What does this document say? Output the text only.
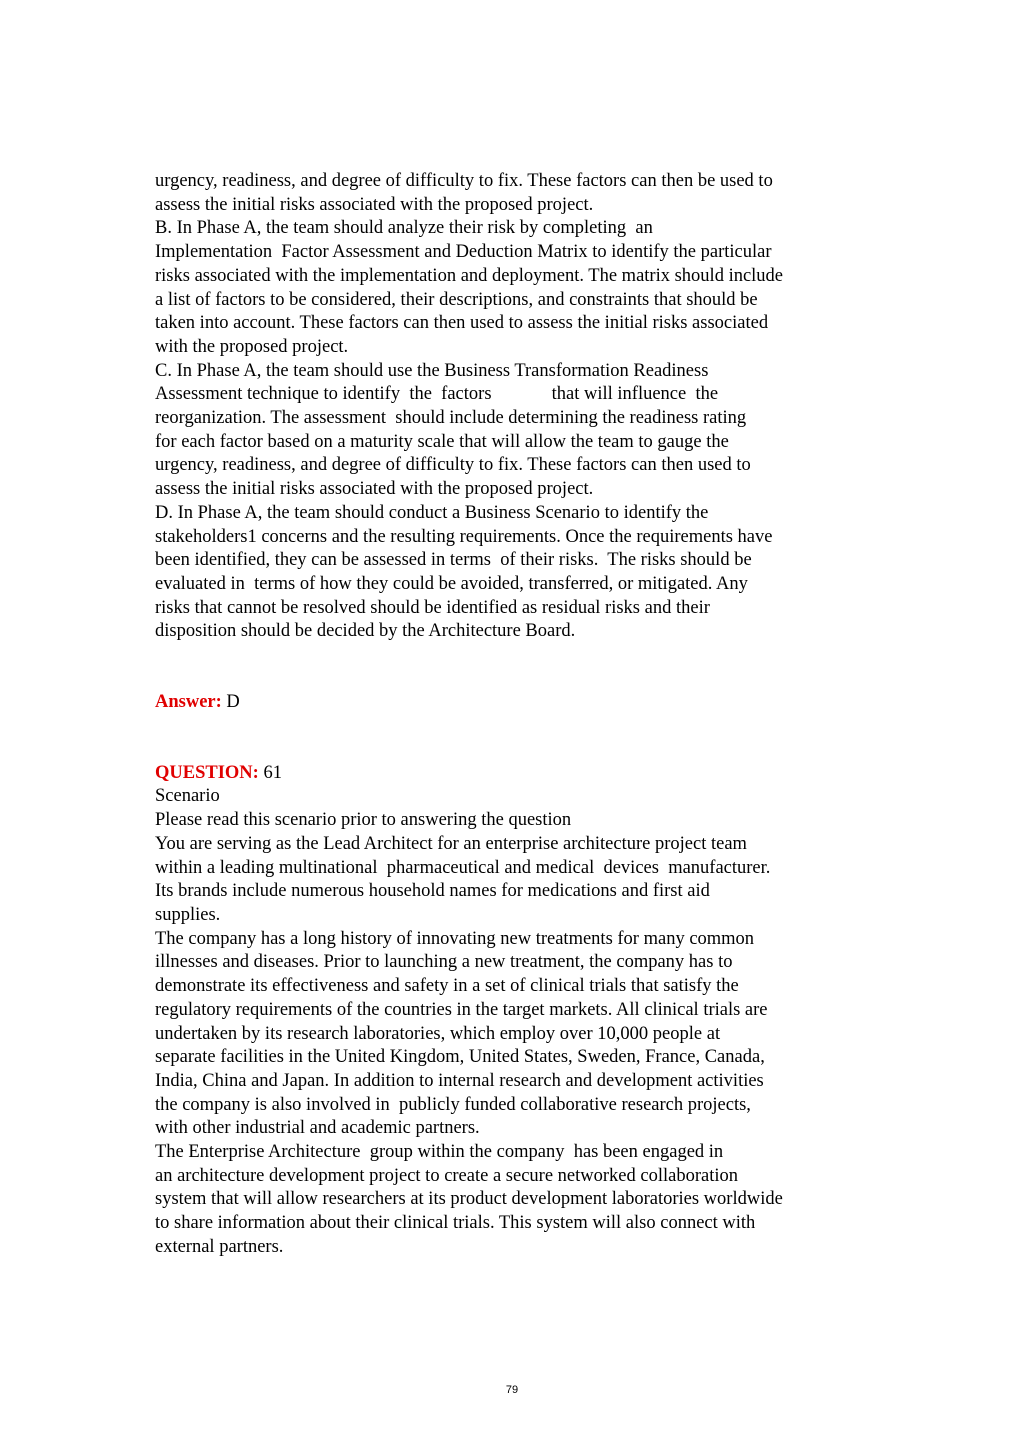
urgency, readiness, and degree of difficulty to fix. These factors can then be used to
assess the initial risks associated with the proposed project.
B. In Phase A, the team should analyze their risk by completing  an
Implementation  Factor Assessment and Deduction Matrix to identify the particular
risks associated with the implementation and deployment. The matrix should include
a list of factors to be considered, their descriptions, and constraints that should be
taken into account. These factors can then used to assess the initial risks associated
with the proposed project.
C. In Phase A, the team should use the Business Transformation Readiness
Assessment technique to identify  the  factors             that will influence  the
reorganization. The assessment  should include determining the readiness rating
for each factor based on a maturity scale that will allow the team to gauge the
urgency, readiness, and degree of difficulty to fix. These factors can then used to
assess the initial risks associated with the proposed project.
D. In Phase A, the team should conduct a Business Scenario to identify the
stakeholders1 concerns and the resulting requirements. Once the requirements have
been identified, they can be assessed in terms  of their risks.  The risks should be
evaluated in  terms of how they could be avoided, transferred, or mitigated. Any
risks that cannot be resolved should be identified as residual risks and their
disposition should be decided by the Architecture Board.
Answer: D
QUESTION: 61
Scenario
Please read this scenario prior to answering the question
You are serving as the Lead Architect for an enterprise architecture project team
within a leading multinational  pharmaceutical and medical  devices  manufacturer.
Its brands include numerous household names for medications and first aid
supplies.
The company has a long history of innovating new treatments for many common
illnesses and diseases. Prior to launching a new treatment, the company has to
demonstrate its effectiveness and safety in a set of clinical trials that satisfy the
regulatory requirements of the countries in the target markets. All clinical trials are
undertaken by its research laboratories, which employ over 10,000 people at
separate facilities in the United Kingdom, United States, Sweden, France, Canada,
India, China and Japan. In addition to internal research and development activities
the company is also involved in  publicly funded collaborative research projects,
with other industrial and academic partners.
The Enterprise Architecture  group within the company  has been engaged in
an architecture development project to create a secure networked collaboration
system that will allow researchers at its product development laboratories worldwide
to share information about their clinical trials. This system will also connect with
external partners.
79
